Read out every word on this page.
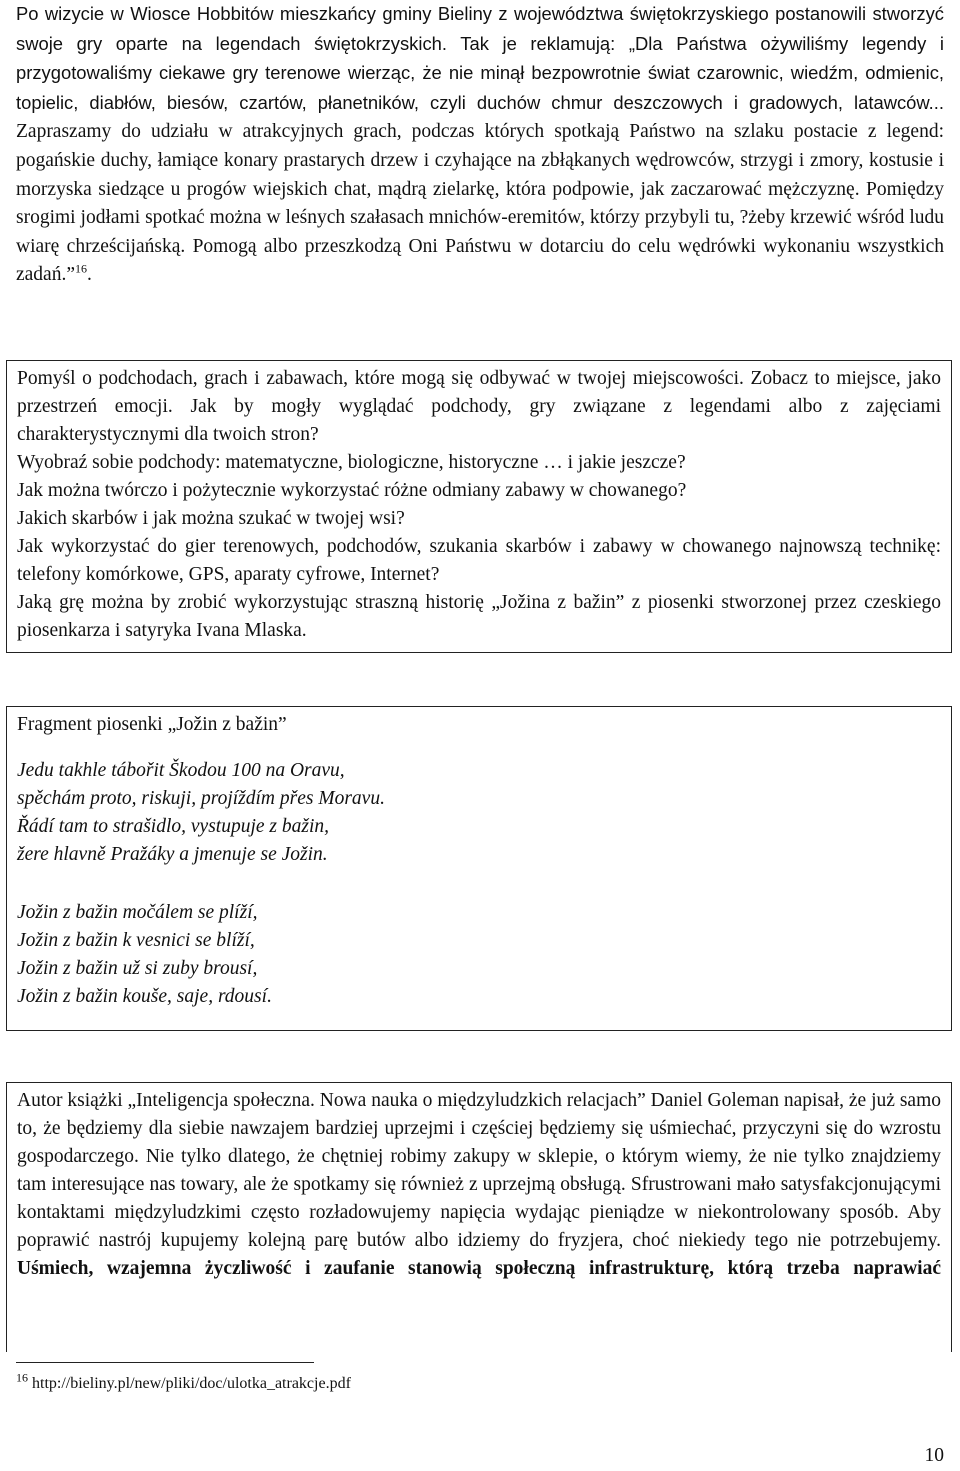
Po wizycie w Wiosce Hobbitów mieszkańcy gminy Bieliny z województwa świętokrzyskiego postanowili stworzyć swoje gry oparte na legendach świętokrzyskich. Tak je reklamują: „Dla Państwa ożywiliśmy legendy i przygotowaliśmy ciekawe gry terenowe wierząc, że nie minął bezpowrotnie świat czarownic, wiedźm, odmienic, topielic, diabłów, biesów, czartów, płanetników, czyli duchów chmur deszczowych i gradowych, latawców... Zapraszamy do udziału w atrakcyjnych grach, podczas których spotkają Państwo na szlaku postacie z legend: pogańskie duchy, łamiące konary prastarych drzew i czyhające na zbłąkanych wędrowców, strzygi i zmory, kostusie i morzyska siedzące u progów wiejskich chat, mądrą zielarkę, która podpowie, jak zaczarować mężczyznę. Pomiędzy srogimi jodłami spotkać można w leśnych szałasach mnichów-eremitów, którzy przybyli tu, ?żeby krzewić wśród ludu wiarę chrześcijańską. Pomogą albo przeszkodzą Oni Państwu w dotarciu do celu wędrówki wykonaniu wszystkich zadań.”$^{16}$.

Pomyśl o podchodach, grach i zabawach, które mogą się odbywać w twojej miejscowości. Zobacz to miejsce, jako przestrzeń emocji. Jak by mogły wyglądać podchody, gry związane z legendami albo z zajęciami charakterystycznymi dla twoich stron?

Wyobraź sobie podchody: matematyczne, biologiczne, historyczne … i jakie jeszcze?

Jak można twórczo i pożytecznie wykorzystać różne odmiany zabawy w chowanego?

Jakich skarbów i jak można szukać w twojej wsi?

Jak wykorzystać do gier terenowych, podchodów, szukania skarbów i zabawy w chowanego najnowszą technikę: telefony komórkowe, GPS, aparaty cyfrowe, Internet?

Jaką grę można by zrobić wykorzystując straszną historię „Jožina z bažin” z piosenki stworzonej przez czeskiego piosenkarza i satyryka Ivana Mlaska.

Fragment piosenki „Jožin z bažin”

Jedu takhle tábořit Škodou 100 na Oravu,

spěchám proto, riskuji, projíždím přes Moravu.

Řádí tam to strašidlo, vystupuje z bažin,

žere hlavně Pražáky a jmenuje se Jožin.

Jožin z bažin močálem se plíží,

Jožin z bažin k vesnici se blíží,

Jožin z bažin už si zuby brousí,

Jožin z bažin kouše, saje, rdousí.

Autor książki „Inteligencja społeczna. Nowa nauka o międzyludzkich relacjach” Daniel Goleman napisał, że już samo to, że będziemy dla siebie nawzajem bardziej uprzejmi i częściej będziemy się uśmiechać, przyczyni się do wzrostu gospodarczego. Nie tylko dlatego, że chętniej robimy zakupy w sklepie, o którym wiemy, że nie tylko znajdziemy tam interesujące nas towary, ale że spotkamy się również z uprzejmą obsługą. Sfrustrowani mało satysfakcjonującymi kontaktami międzyludzkimi często rozładowujemy napięcia wydając pieniądze w niekontrolowany sposób. Aby poprawić nastrój kupujemy kolejną parę butów albo idziemy do fryzjera, choć niekiedy tego nie potrzebujemy. Uśmiech, wzajemna życzliwość i zaufanie stanowią społeczną infrastrukturę, którą trzeba naprawiać

$^{16}$ http://bieliny.pl/new/pliki/doc/ulotka_atrakcje.pdf
10
